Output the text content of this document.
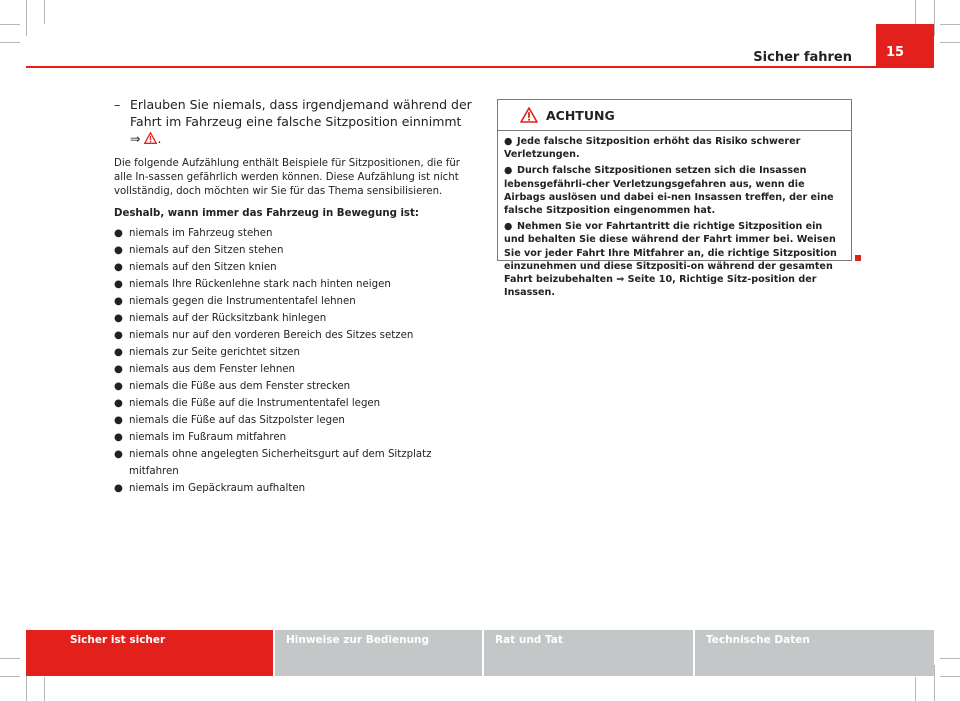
Sicher fahren	15
– Erlauben Sie niemals, dass irgendjemand während der Fahrt im Fahrzeug eine falsche Sitzposition einnimmt ⇒ .

Die folgende Aufzählung enthält Beispiele für Sitzpositionen, die für alle In-sassen gefährlich werden können. Diese Aufzählung ist nicht vollständig, doch möchten wir Sie für das Thema sensibilisieren.

Deshalb, wann immer das Fahrzeug in Bewegung ist:

● niemals im Fahrzeug stehen
● niemals auf den Sitzen stehen
● niemals auf den Sitzen knien
● niemals Ihre Rückenlehne stark nach hinten neigen
● niemals gegen die Instrumententafel lehnen
● niemals auf der Rücksitzbank hinlegen
● niemals nur auf den vorderen Bereich des Sitzes setzen
● niemals zur Seite gerichtet sitzen
● niemals aus dem Fenster lehnen
● niemals die Füße aus dem Fenster strecken
● niemals die Füße auf die Instrumententafel legen
● niemals die Füße auf das Sitzpolster legen
● niemals im Fußraum mitfahren
● niemals ohne angelegten Sicherheitsgurt auf dem Sitzplatz mitfahren
● niemals im Gepäckraum aufhalten
ACHTUNG
● Jede falsche Sitzposition erhöht das Risiko schwerer Verletzungen.
● Durch falsche Sitzpositionen setzen sich die Insassen lebensgefährli-cher Verletzungsgefahren aus, wenn die Airbags auslösen und dabei ei-nen Insassen treffen, der eine falsche Sitzposition eingenommen hat.
● Nehmen Sie vor Fahrtantritt die richtige Sitzposition ein und behalten Sie diese während der Fahrt immer bei. Weisen Sie vor jeder Fahrt Ihre Mitfahrer an, die richtige Sitzposition einzunehmen und diese Sitzpositi-on während der gesamten Fahrt beizubehalten ⇒ Seite 10, Richtige Sitz-position der Insassen.
Sicher ist sicher	Hinweise zur Bedienung	Rat und Tat	Technische Daten
